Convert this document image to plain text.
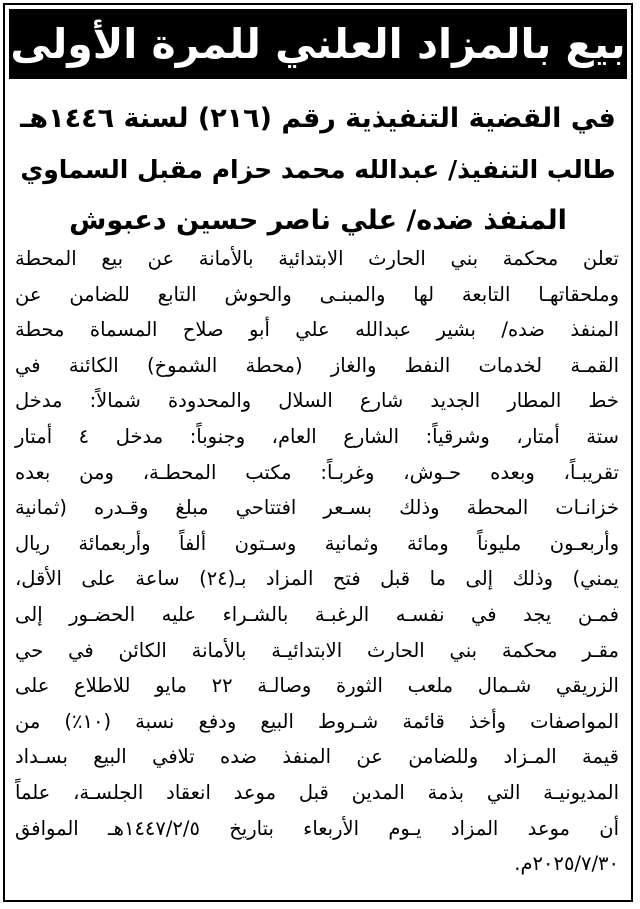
بيع بالمزاد العلني للمرة الأولى
في القضية التنفيذية رقم (٢١٦) لسنة ١٤٤٦هـ
طالب التنفيذ/ عبدالله محمد حزام مقبل السماوي
المنفذ ضده/ علي ناصر حسين دعبوش
تعلن محكمة بني الحارث الابتدائية بالأمانة عن بيع المحطة
وملحقاتهـا التابعة لها والمبنـى والحوش التابع للضامن عن
المنفذ ضده/ بشير عبدالله علي أبو صلاح المسماة محطة
القمـة لخدمات النفط والغاز (محطة الشموخ) الكائنة في
خط المطار الجديد شارع السلال والمحدودة شمالاً: مدخل
ستة أمتار، وشرقياً: الشارع العام، وجنوباً: مدخل ٤ أمتار
تقريبـاً، وبعده حـوش، وغربـاً: مكتب المحطـة، ومن بعده
خزانـات المحطة وذلك بسـعر افتتاحي مبلغ وقـدره (ثمانية
وأربعـون مليوناً ومائة وثمانية وسـتون ألفاً وأربعمائة ريال
يمني) وذلك إلى ما قبل فتح المزاد بـ(٢٤) ساعة على الأقل،
فمـن يجد في نفسـه الرغبـة بالشـراء عليه الحضـور إلى
مقـر محكمة بني الحارث الابتدائيـة بالأمانة الكائن في حي
الزريقي شـمال ملعب الثورة وصالـة ٢٢ مايو للاطلاع على
المواصفات وأخذ قائمة شـروط البيع ودفع نسبة (١٠٪) من
قيمة المـزاد وللضامن عن المنفذ ضده تلافي البيع بسـداد
المديونيـة التي بذمة المدين قبل موعد انعقاد الجلسـة، علماً
أن موعد المزاد يـوم الأربعاء بتاريخ ١٤٤٧/٢/٥هـ الموافق
٢٠٢٥/٧/٣٠م.
